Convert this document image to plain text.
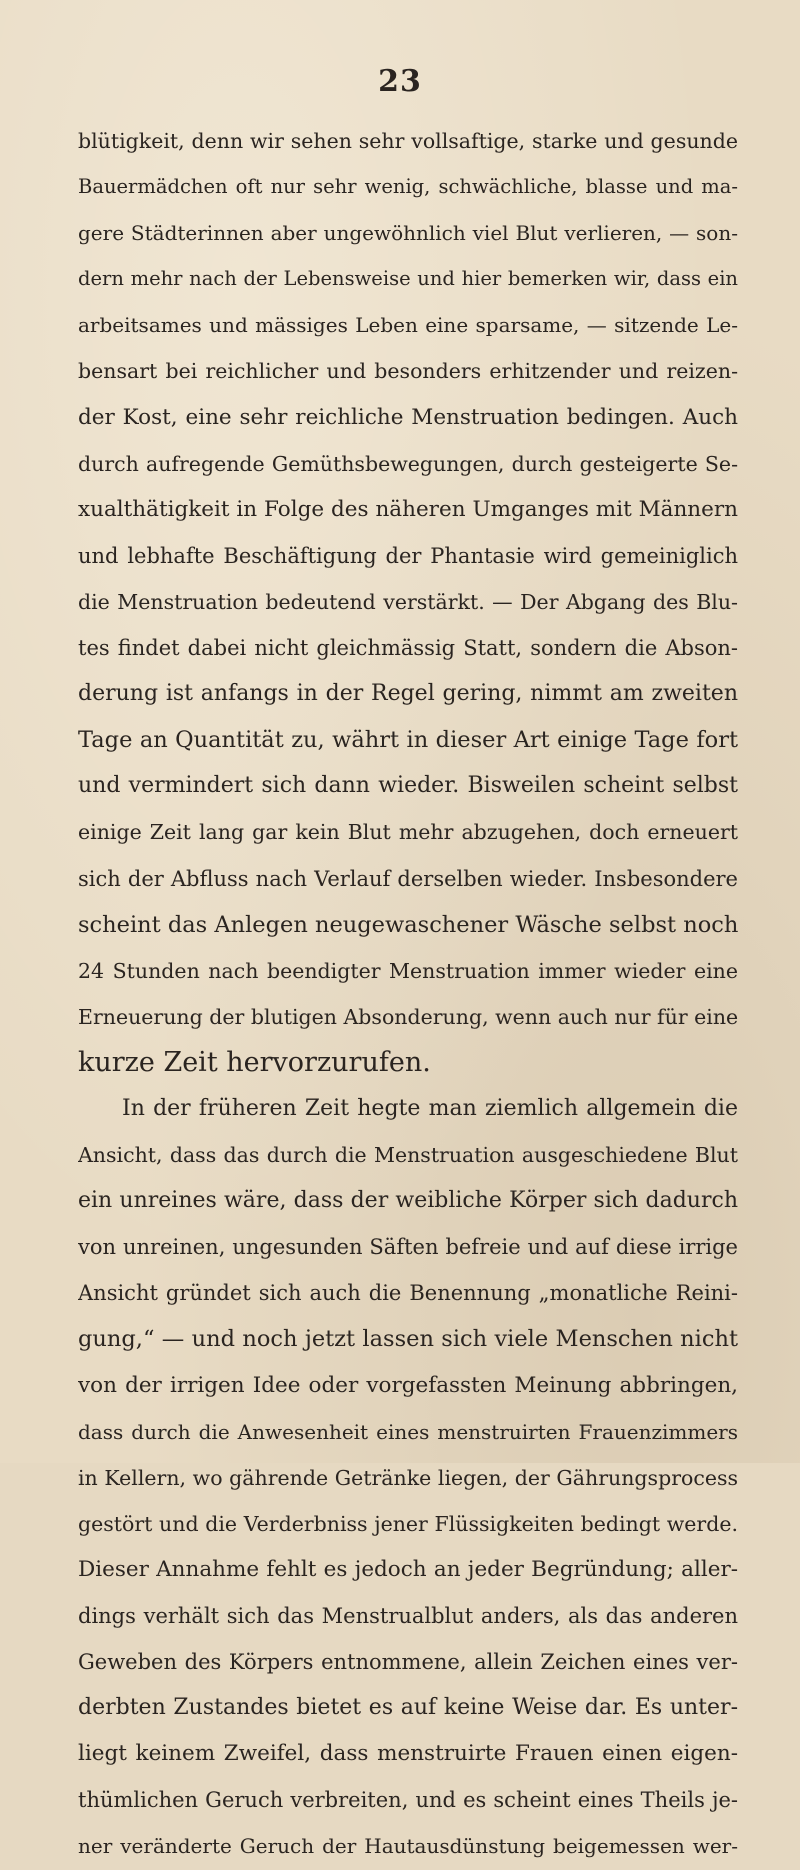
23
blütigkeit, denn wir sehen sehr vollsaftige, starke und gesunde
Bauermädchen oft nur sehr wenig, schwächliche, blasse und ma-
gere Städterinnen aber ungewöhnlich viel Blut verlieren, — son-
dern mehr nach der Lebensweise und hier bemerken wir, dass ein
arbeitsames und mässiges Leben eine sparsame, — sitzende Le-
bensart bei reichlicher und besonders erhitzender und reizen-
der Kost, eine sehr reichliche Menstruation bedingen. Auch
durch aufregende Gemüthsbewegungen, durch gesteigerte Se-
xualthätigkeit in Folge des näheren Umganges mit Männern
und lebhafte Beschäftigung der Phantasie wird gemeiniglich
die Menstruation bedeutend verstärkt. — Der Abgang des Blu-
tes findet dabei nicht gleichmässig Statt, sondern die Abson-
derung ist anfangs in der Regel gering, nimmt am zweiten
Tage an Quantität zu, währt in dieser Art einige Tage fort
und vermindert sich dann wieder. Bisweilen scheint selbst
einige Zeit lang gar kein Blut mehr abzugehen, doch erneuert
sich der Abfluss nach Verlauf derselben wieder. Insbesondere
scheint das Anlegen neugewaschener Wäsche selbst noch
24 Stunden nach beendigter Menstruation immer wieder eine
Erneuerung der blutigen Absonderung, wenn auch nur für eine
kurze Zeit hervorzurufen.
In der früheren Zeit hegte man ziemlich allgemein die
Ansicht, dass das durch die Menstruation ausgeschiedene Blut
ein unreines wäre, dass der weibliche Körper sich dadurch
von unreinen, ungesunden Säften befreie und auf diese irrige
Ansicht gründet sich auch die Benennung „monatliche Reini-
gung,“ — und noch jetzt lassen sich viele Menschen nicht
von der irrigen Idee oder vorgefassten Meinung abbringen,
dass durch die Anwesenheit eines menstruirten Frauenzimmers
in Kellern, wo gährende Getränke liegen, der Gährungsprocess
gestört und die Verderbniss jener Flüssigkeiten bedingt werde.
Dieser Annahme fehlt es jedoch an jeder Begründung; aller-
dings verhält sich das Menstrualblut anders, als das anderen
Geweben des Körpers entnommene, allein Zeichen eines ver-
derbten Zustandes bietet es auf keine Weise dar. Es unter-
liegt keinem Zweifel, dass menstruirte Frauen einen eigen-
thümlichen Geruch verbreiten, und es scheint eines Theils je-
ner veränderte Geruch der Hautausdünstung beigemessen wer-
